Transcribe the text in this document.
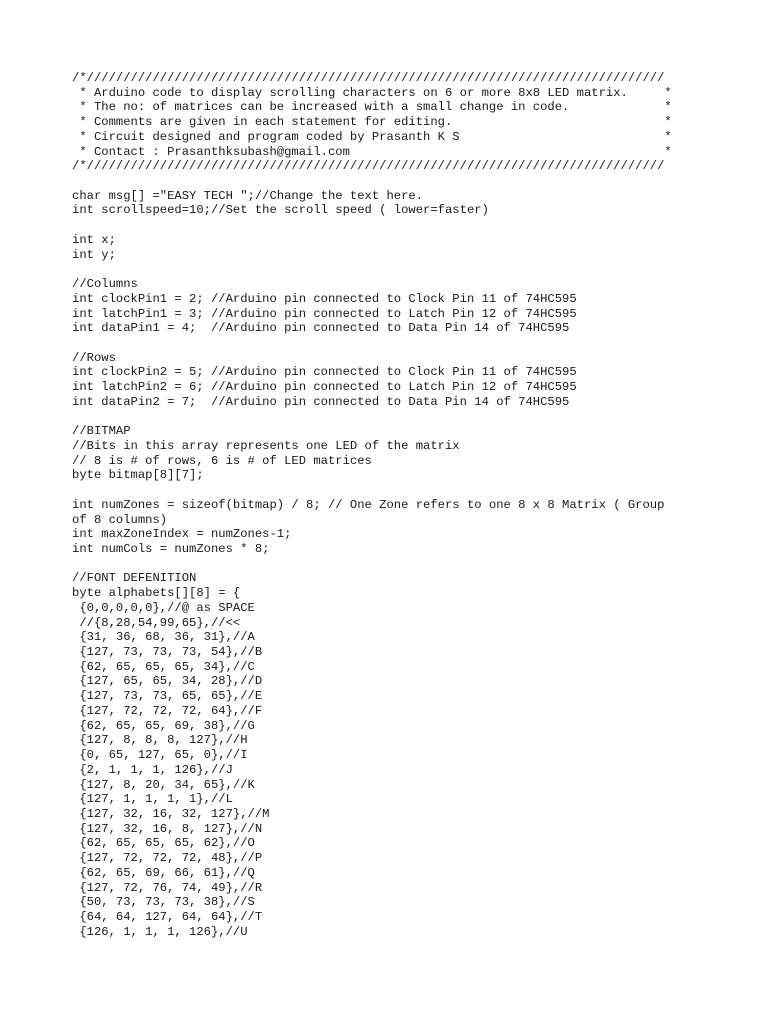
/*///////////////////////////////////////////////////////////////////////////////
* Arduino code to display scrolling characters on 6 or more 8x8 LED matrix.     *
* The no: of matrices can be increased with a small change in code.             *
* Comments are given in each statement for editing.                             *
* Circuit designed and program coded by Prasanth K S                            *
* Contact : Prasanthksubash@gmail.com                                           *
/*///////////////////////////////////////////////////////////////////////////////
char msg[] ="EASY TECH ";//Change the text here.
int scrollspeed=10;//Set the scroll speed ( lower=faster)
int x;
int y;
//Columns
int clockPin1 = 2; //Arduino pin connected to Clock Pin 11 of 74HC595
int latchPin1 = 3; //Arduino pin connected to Latch Pin 12 of 74HC595
int dataPin1 = 4;  //Arduino pin connected to Data Pin 14 of 74HC595
//Rows
int clockPin2 = 5; //Arduino pin connected to Clock Pin 11 of 74HC595
int latchPin2 = 6; //Arduino pin connected to Latch Pin 12 of 74HC595
int dataPin2 = 7;  //Arduino pin connected to Data Pin 14 of 74HC595
//BITMAP
//Bits in this array represents one LED of the matrix
// 8 is # of rows, 6 is # of LED matrices
byte bitmap[8][7];
int numZones = sizeof(bitmap) / 8; // One Zone refers to one 8 x 8 Matrix ( Group
of 8 columns)
int maxZoneIndex = numZones-1;
int numCols = numZones * 8;
//FONT DEFENITION
byte alphabets[][8] = {
{0,0,0,0,0},//@ as SPACE
//{8,28,54,99,65},//<<
{31, 36, 68, 36, 31},//A
{127, 73, 73, 73, 54},//B
{62, 65, 65, 65, 34},//C
{127, 65, 65, 34, 28},//D
{127, 73, 73, 65, 65},//E
{127, 72, 72, 72, 64},//F
{62, 65, 65, 69, 38},//G
{127, 8, 8, 8, 127},//H
{0, 65, 127, 65, 0},//I
{2, 1, 1, 1, 126},//J
{127, 8, 20, 34, 65},//K
{127, 1, 1, 1, 1},//L
{127, 32, 16, 32, 127},//M
{127, 32, 16, 8, 127},//N
{62, 65, 65, 65, 62},//O
{127, 72, 72, 72, 48},//P
{62, 65, 69, 66, 61},//Q
{127, 72, 76, 74, 49},//R
{50, 73, 73, 73, 38},//S
{64, 64, 127, 64, 64},//T
{126, 1, 1, 1, 126},//U
